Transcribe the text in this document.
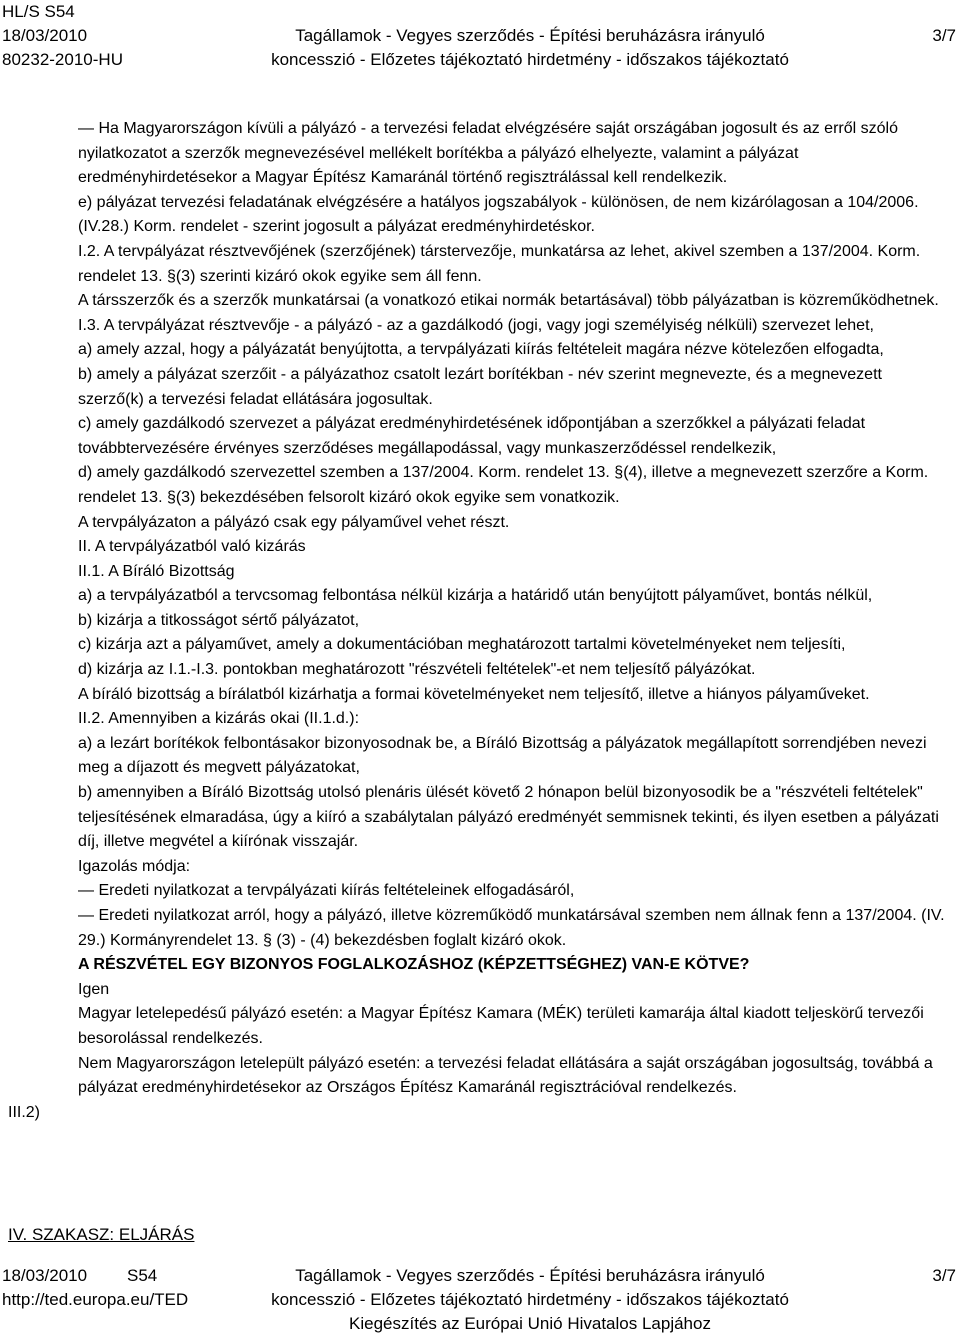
HL/S S54
18/03/2010
80232-2010-HU
Tagállamok - Vegyes szerződés - Építési beruházásra irányuló
koncesszió - Előzetes tájékoztató hirdetmény - időszakos tájékoztató
3/7

— Ha Magyarországon kívüli a pályázó - a tervezési feladat elvégzésére saját országában jogosult és az erről szóló nyilatkozatot a szerzők megnevezésével mellékelt borítékba a pályázó elhelyezte, valamint a pályázat eredményhirdetésekor a Magyar Építész Kamaránál történő regisztrálással kell rendelkezik.

e) pályázat tervezési feladatának elvégzésére a hatályos jogszabályok - különösen, de nem kizárólagosan a 104/2006. (IV.28.) Korm. rendelet - szerint jogosult a pályázat eredményhirdetéskor.

I.2. A tervpályázat résztvevőjének (szerzőjének) társtervezője, munkatársa az lehet, akivel szemben a 137/2004. Korm. rendelet 13. §(3) szerinti kizáró okok egyike sem áll fenn.

A társszerzők és a szerzők munkatársai (a vonatkozó etikai normák betartásával) több pályázatban is közreműködhetnek.

I.3. A tervpályázat résztvevője - a pályázó - az a gazdálkodó (jogi, vagy jogi személyiség nélküli) szervezet lehet,

a) amely azzal, hogy a pályázatát benyújtotta, a tervpályázati kiírás feltételeit magára nézve kötelezően elfogadta,

b) amely a pályázat szerzőit - a pályázathoz csatolt lezárt borítékban - név szerint megnevezte, és a megnevezett szerző(k) a tervezési feladat ellátására jogosultak.

c) amely gazdálkodó szervezet a pályázat eredményhirdetésének időpontjában a szerzőkkel a pályázati feladat továbbtervezésére érvényes szerződéses megállapodással, vagy munkaszerződéssel rendelkezik,

d) amely gazdálkodó szervezettel szemben a 137/2004. Korm. rendelet 13. §(4), illetve a megnevezett szerzőre a Korm. rendelet 13. §(3) bekezdésében felsorolt kizáró okok egyike sem vonatkozik.

A tervpályázaton a pályázó csak egy pályaművel vehet részt.

II. A tervpályázatból való kizárás

II.1. A Bíráló Bizottság

a) a tervpályázatból a tervcsomag felbontása nélkül kizárja a határidő után benyújtott pályaművet, bontás nélkül,

b) kizárja a titkosságot sértő pályázatot,

c) kizárja azt a pályaművet, amely a dokumentációban meghatározott tartalmi követelményeket nem teljesíti,

d) kizárja az I.1.-I.3. pontokban meghatározott "részvételi feltételek"-et nem teljesítő pályázókat.

A bíráló bizottság a bírálatból kizárhatja a formai követelményeket nem teljesítő, illetve a hiányos pályaműveket.

II.2. Amennyiben a kizárás okai (II.1.d.):

a) a lezárt borítékok felbontásakor bizonyosodnak be, a Bíráló Bizottság a pályázatok megállapított sorrendjében nevezi meg a díjazott és megvett pályázatokat,

b) amennyiben a Bíráló Bizottság utolsó plenáris ülését követő 2 hónapon belül bizonyosodik be a "részvételi feltételek" teljesítésének elmaradása, úgy a kiíró a szabálytalan pályázó eredményét semmisnek tekinti, és ilyen esetben a pályázati díj, illetve megvétel a kiírónak visszajár.

Igazolás módja:

— Eredeti nyilatkozat a tervpályázati kiírás feltételeinek elfogadásáról,

— Eredeti nyilatkozat arról, hogy a pályázó, illetve közreműködő munkatársával szemben nem állnak fenn a 137/2004. (IV. 29.) Kormányrendelet 13. § (3) - (4) bekezdésben foglalt kizáró okok.

A RÉSZVÉTEL EGY BIZONYOS FOGLALKOZÁSHOZ (KÉPZETTSÉGHEZ) VAN-E KÖTVE?

Igen

Magyar letelepedésű pályázó esetén: a Magyar Építész Kamara (MÉK) területi kamarája által kiadott teljeskörű tervezői besorolással rendelkezés.

Nem Magyarországon letelepült pályázó esetén: a tervezési feladat ellátására a saját országában jogosultság, továbbá a pályázat eredményhirdetésekor az Országos Építész Kamaránál regisztrációval rendelkezés.

III.2)
IV. SZAKASZ: ELJÁRÁS
18/03/2010 S54
http://ted.europa.eu/TED
Tagállamok - Vegyes szerződés - Építési beruházásra irányuló
koncesszió - Előzetes tájékoztató hirdetmény - időszakos tájékoztató
Kiegészítés az Európai Unió Hivatalos Lapjához
3/7
